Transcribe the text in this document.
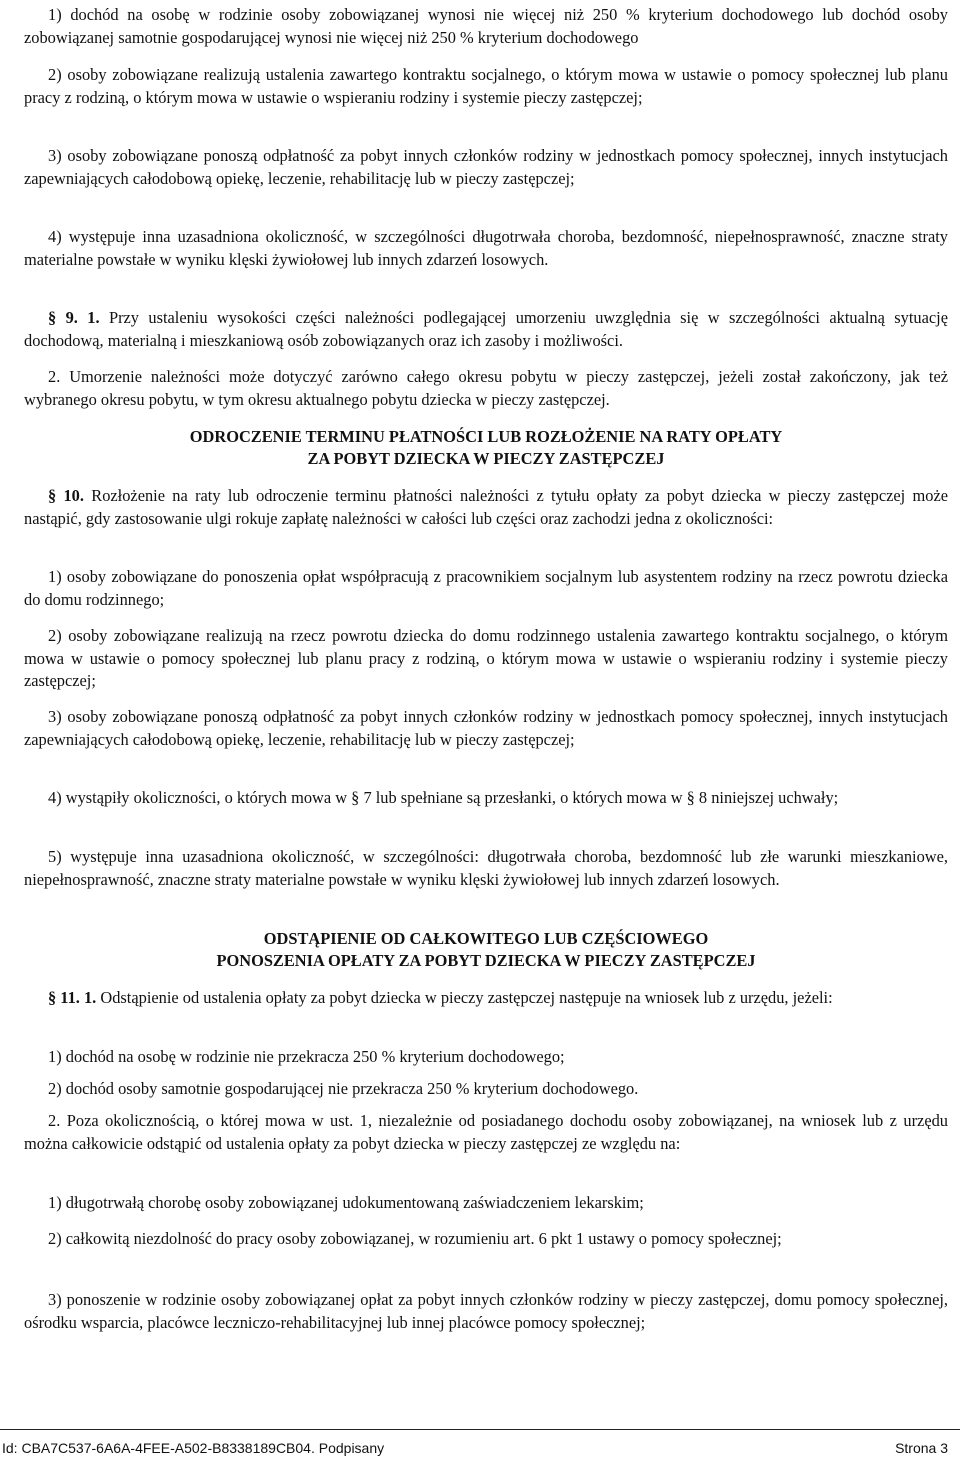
1) dochód na osobę w rodzinie osoby zobowiązanej wynosi nie więcej niż 250 % kryterium dochodowego lub dochód osoby zobowiązanej samotnie gospodarującej wynosi nie więcej niż 250 % kryterium dochodowego

2) osoby zobowiązane realizują ustalenia zawartego kontraktu socjalnego, o którym mowa w ustawie o pomocy społecznej lub planu pracy z rodziną, o którym mowa w ustawie o wspieraniu rodziny i systemie pieczy zastępczej;

3) osoby zobowiązane ponoszą odpłatność za pobyt innych członków rodziny w jednostkach pomocy społecznej, innych instytucjach zapewniających całodobową opiekę, leczenie, rehabilitację lub w pieczy zastępczej;

4) występuje inna uzasadniona okoliczność, w szczególności długotrwała choroba, bezdomność, niepełnosprawność, znaczne straty materialne powstałe w wyniku klęski żywiołowej lub innych zdarzeń losowych.

§ 9. 1. Przy ustaleniu wysokości części należności podlegającej umorzeniu uwzględnia się w szczególności aktualną sytuację dochodową, materialną i mieszkaniową osób zobowiązanych oraz ich zasoby i możliwości.

2. Umorzenie należności może dotyczyć zarówno całego okresu pobytu w pieczy zastępczej, jeżeli został zakończony, jak też wybranego okresu pobytu, w tym okresu aktualnego pobytu dziecka w pieczy zastępczej.

ODROCZENIE TERMINU PŁATNOŚCI LUB ROZŁOŻENIE NA RATY OPŁATY
ZA POBYT DZIECKA W PIECZY ZASTĘPCZEJ

§ 10. Rozłożenie na raty lub odroczenie terminu płatności należności z tytułu opłaty za pobyt dziecka w pieczy zastępczej może nastąpić, gdy zastosowanie ulgi rokuje zapłatę należności w całości lub części oraz zachodzi jedna z okoliczności:

1) osoby zobowiązane do ponoszenia opłat współpracują z pracownikiem socjalnym lub asystentem rodziny na rzecz powrotu dziecka do domu rodzinnego;

2) osoby zobowiązane realizują na rzecz powrotu dziecka do domu rodzinnego ustalenia zawartego kontraktu socjalnego, o którym mowa w ustawie o pomocy społecznej lub planu pracy z rodziną, o którym mowa w ustawie o wspieraniu rodziny i systemie pieczy zastępczej;

3) osoby zobowiązane ponoszą odpłatność za pobyt innych członków rodziny w jednostkach pomocy społecznej, innych instytucjach zapewniających całodobową opiekę, leczenie, rehabilitację lub w pieczy zastępczej;

4) wystąpiły okoliczności, o których mowa w § 7 lub spełniane są przesłanki, o których mowa w § 8 niniejszej uchwały;

5) występuje inna uzasadniona okoliczność, w szczególności: długotrwała choroba, bezdomność lub złe warunki mieszkaniowe, niepełnosprawność, znaczne straty materialne powstałe w wyniku klęski żywiołowej lub innych zdarzeń losowych.

ODSTĄPIENIE OD CAŁKOWITEGO LUB CZĘŚCIOWEGO
PONOSZENIA OPŁATY ZA POBYT DZIECKA W PIECZY ZASTĘPCZEJ

§ 11. 1. Odstąpienie od ustalenia opłaty za pobyt dziecka w pieczy zastępczej następuje na wniosek lub z urzędu, jeżeli:

1) dochód na osobę w rodzinie nie przekracza 250 % kryterium dochodowego;

2) dochód osoby samotnie gospodarującej nie przekracza 250 % kryterium dochodowego.

2. Poza okolicznością, o której mowa w ust. 1, niezależnie od posiadanego dochodu osoby zobowiązanej, na wniosek lub z urzędu można całkowicie odstąpić od ustalenia opłaty za pobyt dziecka w pieczy zastępczej ze względu na:

1) długotrwałą chorobę osoby zobowiązanej udokumentowaną zaświadczeniem lekarskim;

2) całkowitą niezdolność do pracy osoby zobowiązanej, w rozumieniu art. 6 pkt 1 ustawy o pomocy społecznej;

3) ponoszenie w rodzinie osoby zobowiązanej opłat za pobyt innych członków rodziny w pieczy zastępczej, domu pomocy społecznej, ośrodku wsparcia, placówce leczniczo-rehabilitacyjnej lub innej placówce pomocy społecznej;

Id: CBA7C537-6A6A-4FEE-A502-B8338189CB04. Podpisany	Strona 3
